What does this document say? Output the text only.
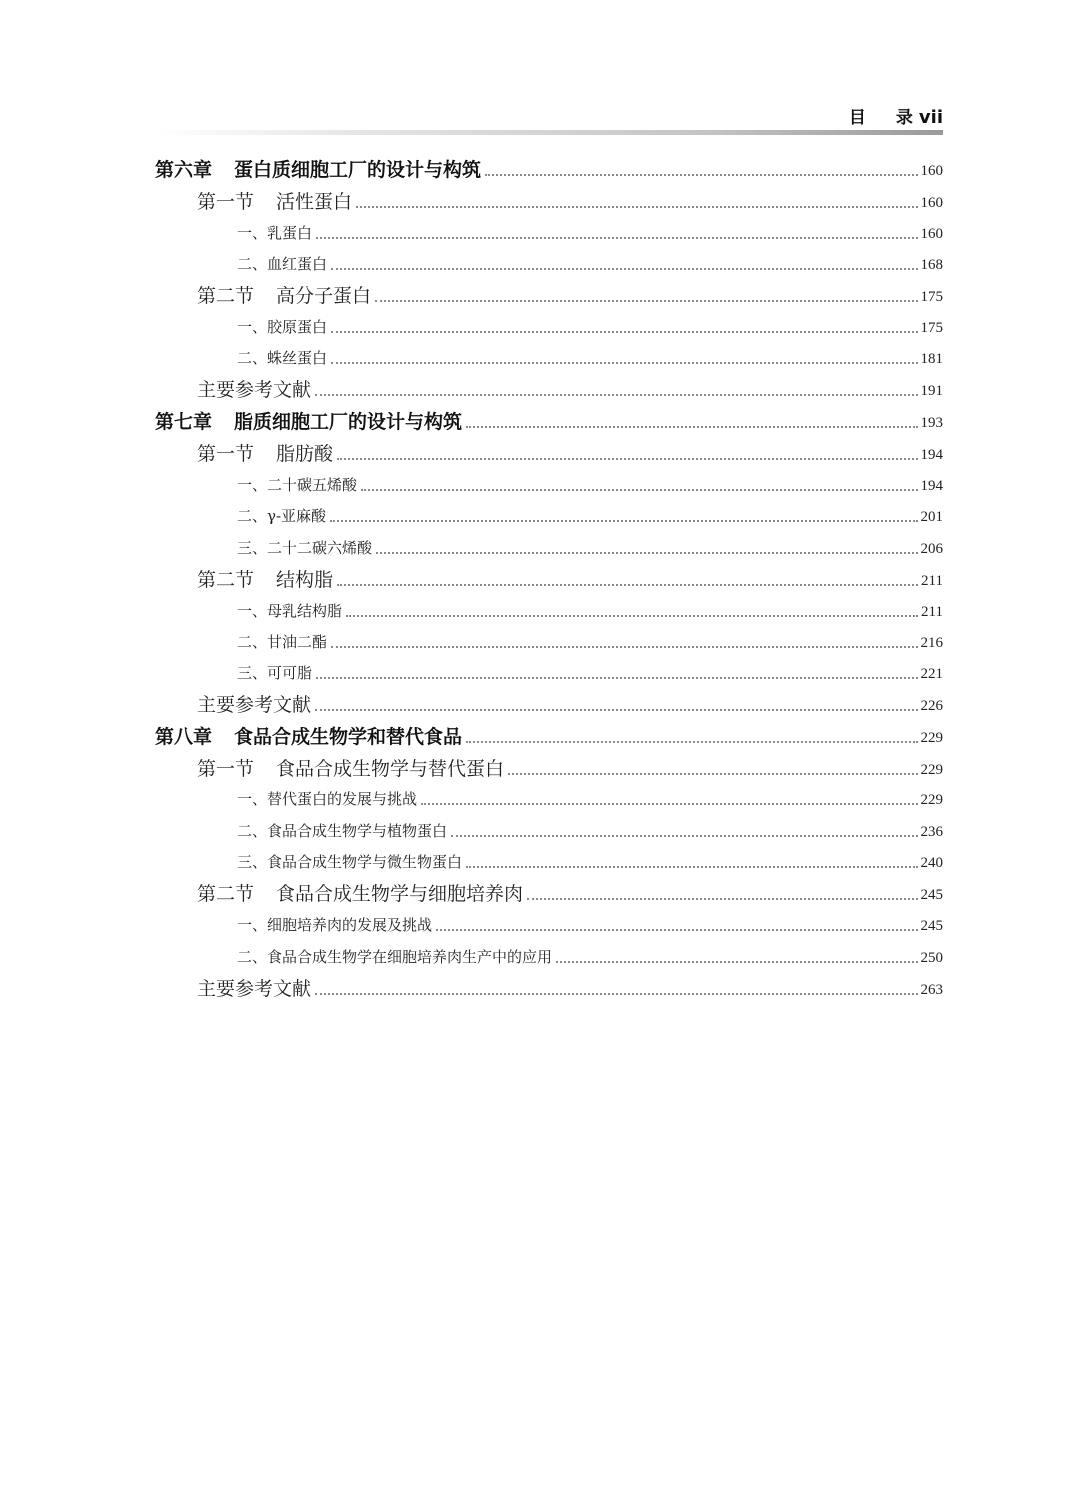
目 录 vii
第六章 蛋白质细胞工厂的设计与构筑	160
第一节 活性蛋白	160
一、乳蛋白	160
二、血红蛋白	168
第二节 高分子蛋白	175
一、胶原蛋白	175
二、蛛丝蛋白	181
主要参考文献	191
第七章 脂质细胞工厂的设计与构筑	193
第一节 脂肪酸	194
一、二十碳五烯酸	194
二、γ-亚麻酸	201
三、二十二碳六烯酸	206
第二节 结构脂	211
一、母乳结构脂	211
二、甘油二酯	216
三、可可脂	221
主要参考文献	226
第八章 食品合成生物学和替代食品	229
第一节 食品合成生物学与替代蛋白	229
一、替代蛋白的发展与挑战	229
二、食品合成生物学与植物蛋白	236
三、食品合成生物学与微生物蛋白	240
第二节 食品合成生物学与细胞培养肉	245
一、细胞培养肉的发展及挑战	245
二、食品合成生物学在细胞培养肉生产中的应用	250
主要参考文献	263
